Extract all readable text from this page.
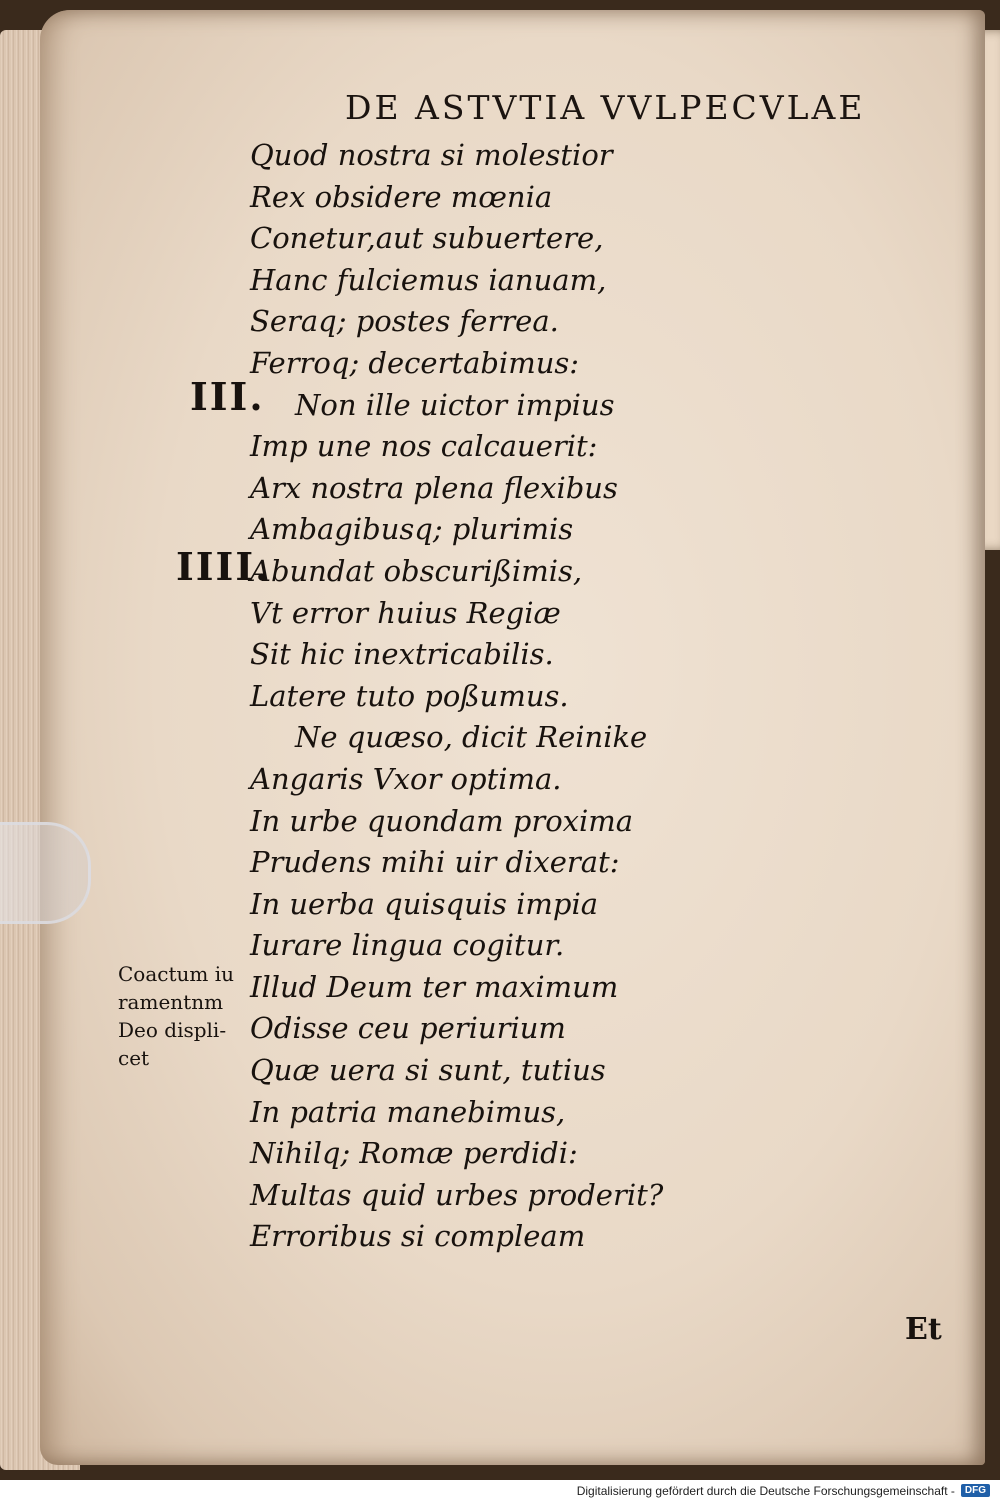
DE ASTVTIA VVLPECVLAE
III.
IIII.
Quod nostra si molestior
Rex obsidere mœnia
Conetur,aut subuertere,
Hanc fulciemus ianuam,
Seraq; postes ferrea.
Ferroq; decertabimus:
Non ille uictor impius
Imp une nos calcauerit:
Arx nostra plena flexibus
Ambagibusq; plurimis
Abundat obscurißimis,
Vt error huius Regiæ
Sit hic inextricabilis.
Latere tuto poßumus.
Ne quæso, dicit Reinike
Angaris Vxor optima.
In urbe quondam proxima
Prudens mihi uir dixerat:
In uerba quisquis impia
Iurare lingua cogitur.
Illud Deum ter maximum
Odisse ceu periurium
Quæ uera si sunt, tutius
In patria manebimus,
Nihilq; Romæ perdidi:
Multas quid urbes proderit?
Erroribus si compleam

Coactum iu
ramentnm
Deo displi-
cet

Et
Digitalisierung gefördert durch die Deutsche Forschungsgemeinschaft -	DFG
